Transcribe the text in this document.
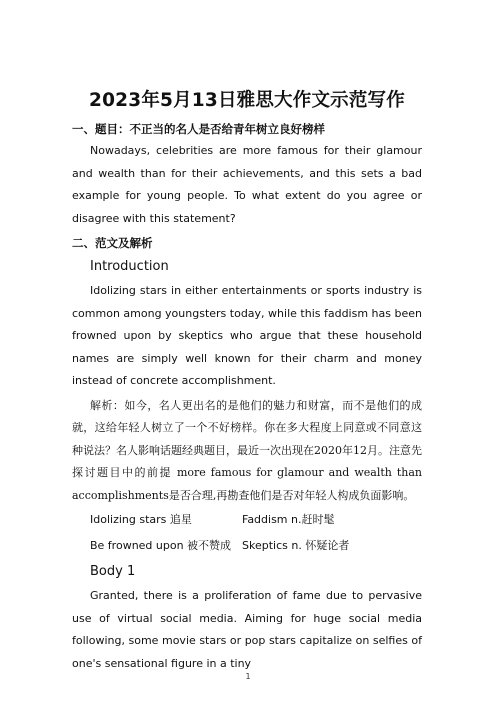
2023年5月13日雅思大作文示范写作

一、题目：不正当的名人是否给青年树立良好榜样

Nowadays, celebrities are more famous for their glamour and wealth than for their achievements, and this sets a bad example for young people. To what extent do you agree or disagree with this statement?

二、范文及解析

Introduction

Idolizing stars in either entertainments or sports industry is common among youngsters today, while this faddism has been frowned upon by skeptics who argue that these household names are simply well known for their charm and money instead of concrete accomplishment.

解析：如今，名人更出名的是他们的魅力和财富，而不是他们的成就，这给年轻人树立了一个不好榜样。你在多大程度上同意或不同意这种说法？名人影响话题经典题目，最近一次出现在2020年12月。注意先探讨题目中的前提 more famous for glamour and wealth than accomplishments是否合理,再勘查他们是否对年轻人构成负面影响。

Idolizing stars 追星	Faddism n.赶时髦
Be frowned upon 被不赞成 Skeptics n. 怀疑论者

Body 1

Granted, there is a proliferation of fame due to pervasive use of virtual social media. Aiming for huge social media following, some movie stars or pop stars capitalize on selfies of one's sensational figure in a tiny

1
